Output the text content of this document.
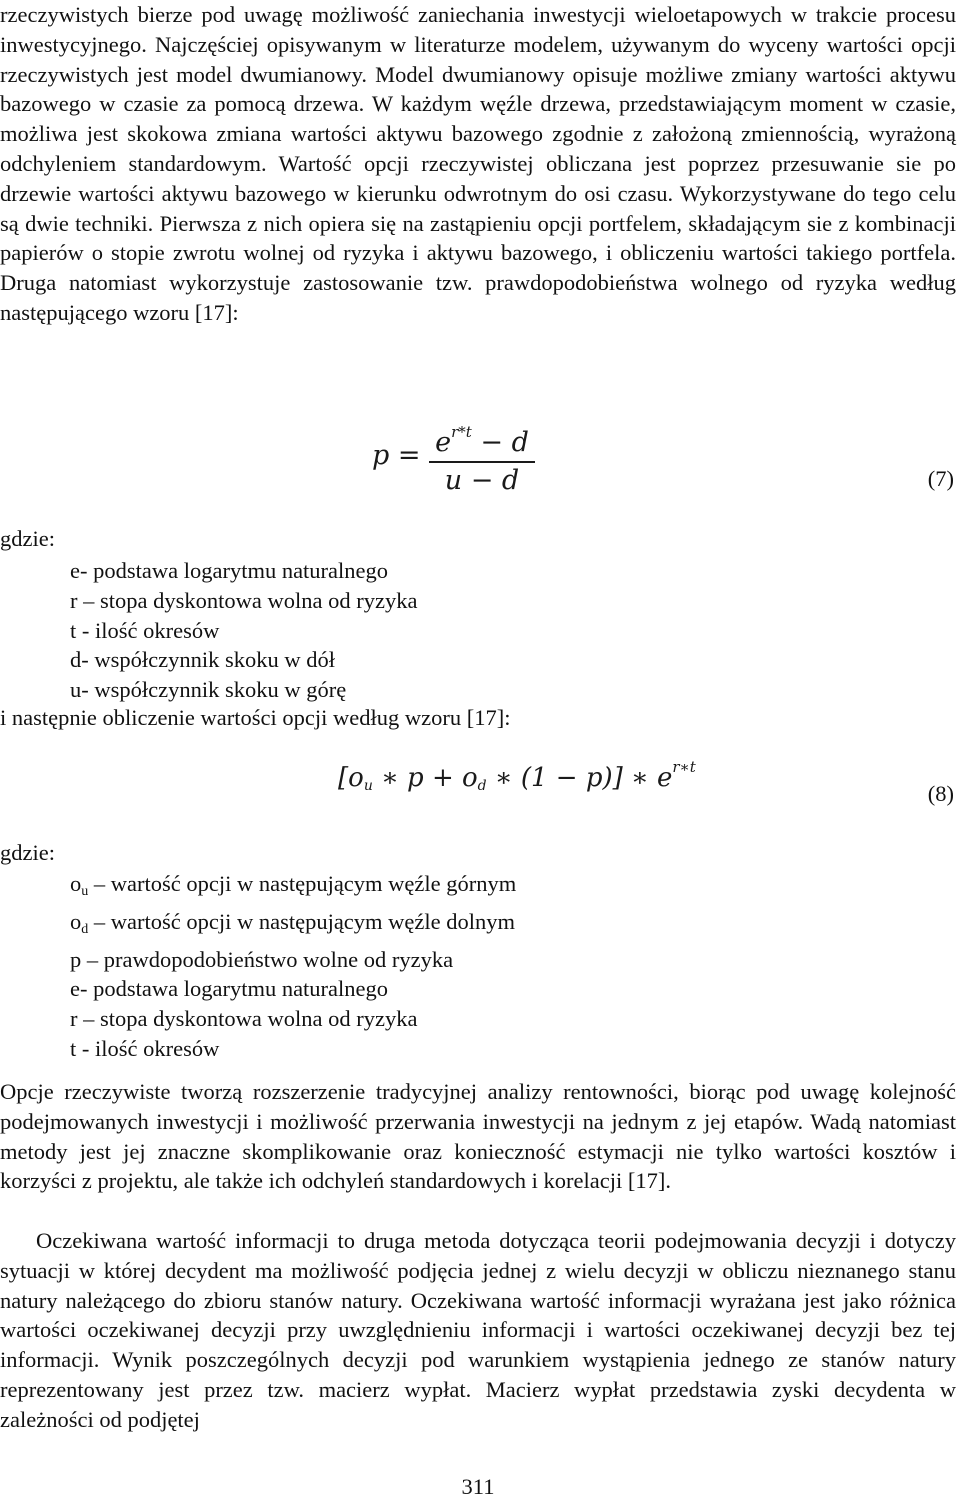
rzeczywistych bierze pod uwagę możliwość zaniechania inwestycji wieloetapowych w trakcie procesu inwestycyjnego. Najczęściej opisywanym w literaturze modelem, używanym do wyceny wartości opcji rzeczywistych jest model dwumianowy. Model dwumianowy opisuje możliwe zmiany wartości aktywu bazowego w czasie za pomocą drzewa. W każdym węźle drzewa, przedstawiającym moment w czasie, możliwa jest skokowa zmiana wartości aktywu bazowego zgodnie z założoną zmiennością, wyrażoną odchyleniem standardowym. Wartość opcji rzeczywistej obliczana jest poprzez przesuwanie sie po drzewie wartości aktywu bazowego w kierunku odwrotnym do osi czasu. Wykorzystywane do tego celu są dwie techniki. Pierwsza z nich opiera się na zastąpieniu opcji portfelem, składającym sie z kombinacji papierów o stopie zwrotu wolnej od ryzyka i aktywu bazowego, i obliczeniu wartości takiego portfela. Druga natomiast wykorzystuje zastosowanie tzw. prawdopodobieństwa wolnego od ryzyka według następującego wzoru [17]:

$p = \frac{e^{r*t} - d}{u - d}$	(7)
gdzie:
e- podstawa logarytmu naturalnego
r – stopa dyskontowa wolna od ryzyka
t - ilość okresów
d- współczynnik skoku w dół
u- współczynnik skoku w górę
i następnie obliczenie wartości opcji według wzoru [17]:
[$o_u$ ∗ $p + o_d$ ∗ (1 − p)] ∗ $e^{r∗t}$
(8)
gdzie:
$o_u$ – wartość opcji w następującym węźle górnym
$o_d$ – wartość opcji w następującym węźle dolnym
p – prawdopodobieństwo wolne od ryzyka
e- podstawa logarytmu naturalnego
r – stopa dyskontowa wolna od ryzyka
t - ilość okresów

Opcje rzeczywiste tworzą rozszerzenie tradycyjnej analizy rentowności, biorąc pod uwagę kolejność podejmowanych inwestycji i możliwość przerwania inwestycji na jednym z jej etapów. Wadą natomiast metody jest jej znaczne skomplikowanie oraz konieczność estymacji nie tylko wartości kosztów i korzyści z projektu, ale także ich odchyleń standardowych i korelacji [17].

Oczekiwana wartość informacji to druga metoda dotycząca teorii podejmowania decyzji i dotyczy sytuacji w której decydent ma możliwość podjęcia jednej z wielu decyzji w obliczu nieznanego stanu natury należącego do zbioru stanów natury. Oczekiwana wartość informacji wyrażana jest jako różnica wartości oczekiwanej decyzji przy uwzględnieniu informacji i wartości oczekiwanej decyzji bez tej informacji. Wynik poszczególnych decyzji pod warunkiem wystąpienia jednego ze stanów natury reprezentowany jest przez tzw. macierz wypłat. Macierz wypłat przedstawia zyski decydenta w zależności od podjętej

311
